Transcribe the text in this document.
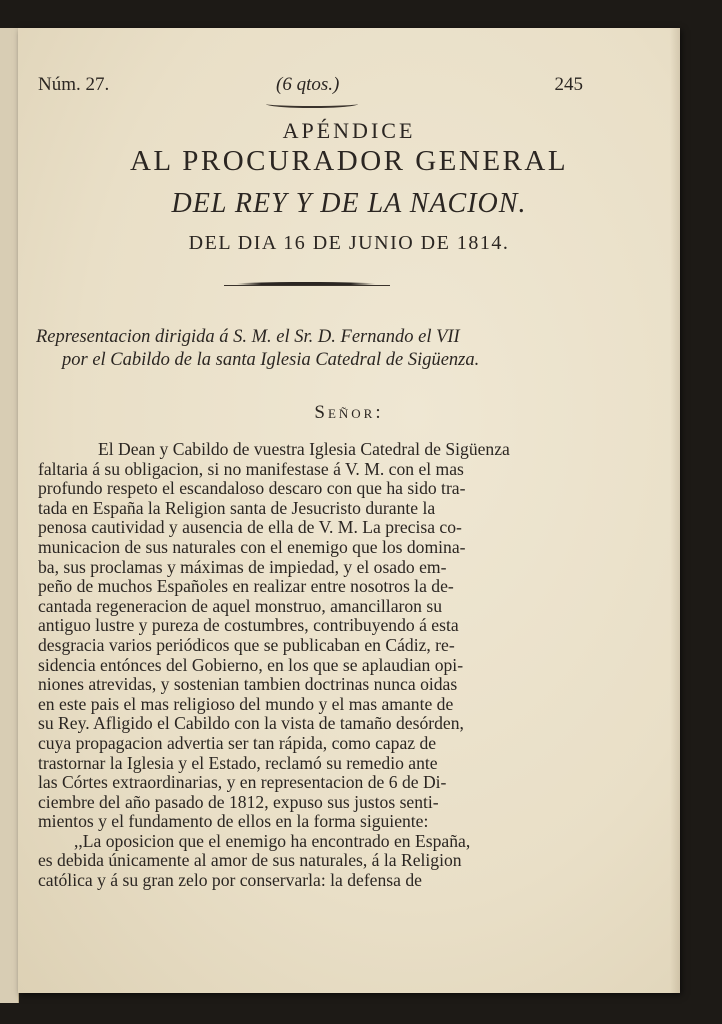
Núm. 27.	(6 qtos.)	245
APÉNDICE
AL PROCURADOR GENERAL
DEL REY Y DE LA NACION.
DEL DIA 16 DE JUNIO DE 1814.
Representacion dirigida á S. M. el Sr. D. Fernando el VII
por el Cabildo de la santa Iglesia Catedral de Sigüenza.
Señor:
El Dean y Cabildo de vuestra Iglesia Catedral de Sigüenza
faltaria á su obligacion, si no manifestase á V. M. con el mas
profundo respeto el escandaloso descaro con que ha sido tra-
tada en España la Religion santa de Jesucristo durante la
penosa cautividad y ausencia de ella de V. M. La precisa co-
municacion de sus naturales con el enemigo que los domina-
ba, sus proclamas y máximas de impiedad, y el osado em-
peño de muchos Españoles en realizar entre nosotros la de-
cantada regeneracion de aquel monstruo, amancillaron su
antiguo lustre y pureza de costumbres, contribuyendo á esta
desgracia varios periódicos que se publicaban en Cádiz, re-
sidencia entónces del Gobierno, en los que se aplaudian opi-
niones atrevidas, y sostenian tambien doctrinas nunca oidas
en este pais el mas religioso del mundo y el mas amante de
su Rey. Afligido el Cabildo con la vista de tamaño desórden,
cuya propagacion advertia ser tan rápida, como capaz de
trastornar la Iglesia y el Estado, reclamó su remedio ante
las Córtes extraordinarias, y en representacion de 6 de Di-
ciembre del año pasado de 1812, expuso sus justos senti-
mientos y el fundamento de ellos en la forma siguiente:
,,La oposicion que el enemigo ha encontrado en España,
es debida únicamente al amor de sus naturales, á la Religion
católica y á su gran zelo por conservarla: la defensa de
